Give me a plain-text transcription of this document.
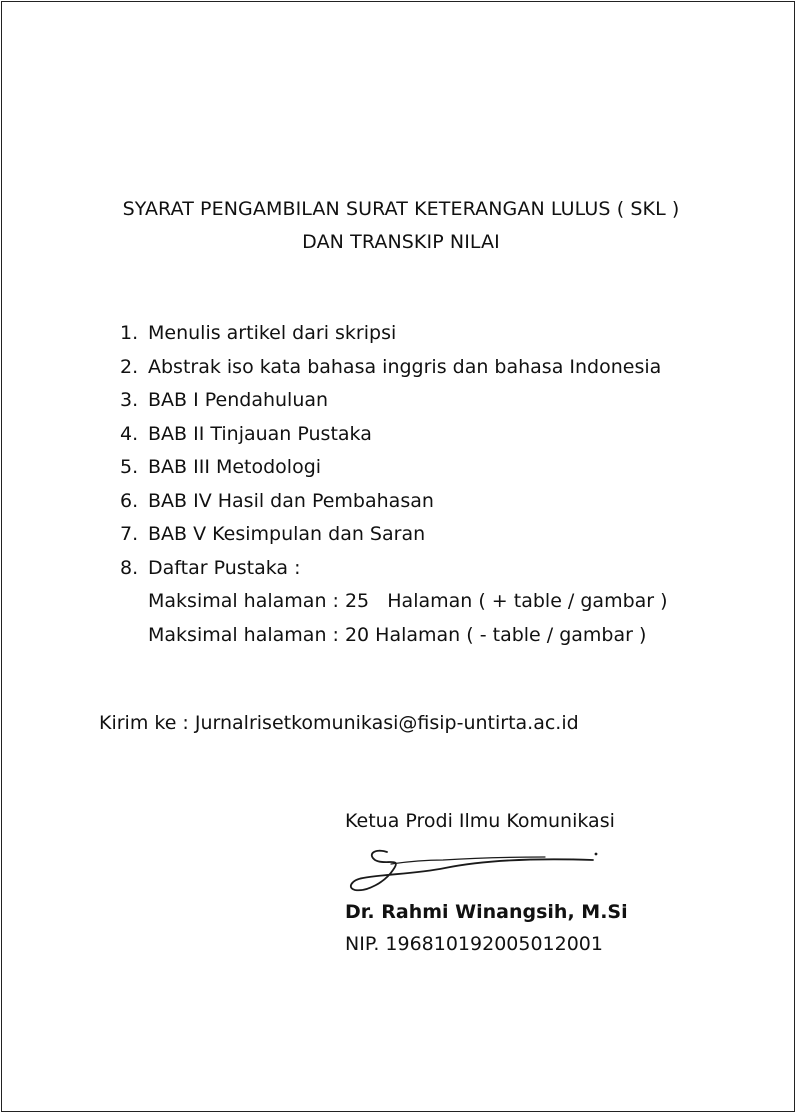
SYARAT PENGAMBILAN SURAT KETERANGAN LULUS ( SKL )
DAN TRANSKIP NILAI
1. Menulis artikel dari skripsi
2. Abstrak iso kata bahasa inggris dan bahasa Indonesia
3. BAB I Pendahuluan
4. BAB II Tinjauan Pustaka
5. BAB III Metodologi
6. BAB IV Hasil dan Pembahasan
7. BAB V Kesimpulan dan Saran
8. Daftar Pustaka :
Maksimal halaman : 25   Halaman ( + table / gambar )
Maksimal halaman : 20 Halaman ( - table / gambar )
Kirim ke : Jurnalrisetkomunikasi@fisip-untirta.ac.id
Ketua Prodi Ilmu Komunikasi
Dr. Rahmi Winangsih, M.Si
NIP. 196810192005012001
